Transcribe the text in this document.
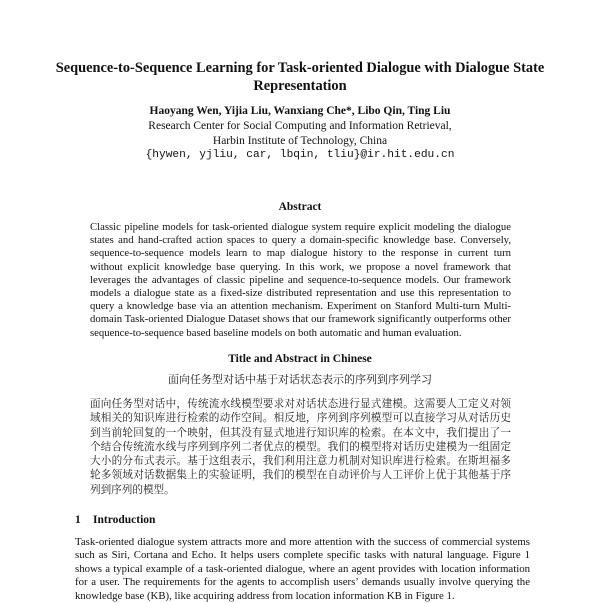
Sequence-to-Sequence Learning for Task-oriented Dialogue with Dialogue State Representation
Haoyang Wen, Yijia Liu, Wanxiang Che*, Libo Qin, Ting Liu
Research Center for Social Computing and Information Retrieval,
Harbin Institute of Technology, China
{hywen, yjliu, car, lbqin, tliu}@ir.hit.edu.cn
Abstract
Classic pipeline models for task-oriented dialogue system require explicit modeling the dialogue states and hand-crafted action spaces to query a domain-specific knowledge base. Conversely, sequence-to-sequence models learn to map dialogue history to the response in current turn without explicit knowledge base querying. In this work, we propose a novel framework that leverages the advantages of classic pipeline and sequence-to-sequence models. Our framework models a dialogue state as a fixed-size distributed representation and use this representation to query a knowledge base via an attention mechanism. Experiment on Stanford Multi-turn Multi-domain Task-oriented Dialogue Dataset shows that our framework significantly outperforms other sequence-to-sequence based baseline models on both automatic and human evaluation.
Title and Abstract in Chinese
面向任务型对话中基于对话状态表示的序列到序列学习
面向任务型对话中，传统流水线模型要求对对话状态进行显式建模。这需要人工定义对领域相关的知识库进行检索的动作空间。相反地，序列到序列模型可以直接学习从对话历史到当前轮回复的一个映射，但其没有显式地进行知识库的检索。在本文中，我们提出了一个结合传统流水线与序列到序列二者优点的模型。我们的模型将对话历史建模为一组固定大小的分布式表示。基于这组表示，我们利用注意力机制对知识库进行检索。在斯坦福多轮多领域对话数据集上的实验证明，我们的模型在自动评价与人工评价上优于其他基于序列到序列的模型。
1 Introduction
Task-oriented dialogue system attracts more and more attention with the success of commercial systems such as Siri, Cortana and Echo. It helps users complete specific tasks with natural language. Figure 1 shows a typical example of a task-oriented dialogue, where an agent provides with location information for a user. The requirements for the agents to accomplish users’ demands usually involve querying the knowledge base (KB), like acquiring address from location information KB in Figure 1.
